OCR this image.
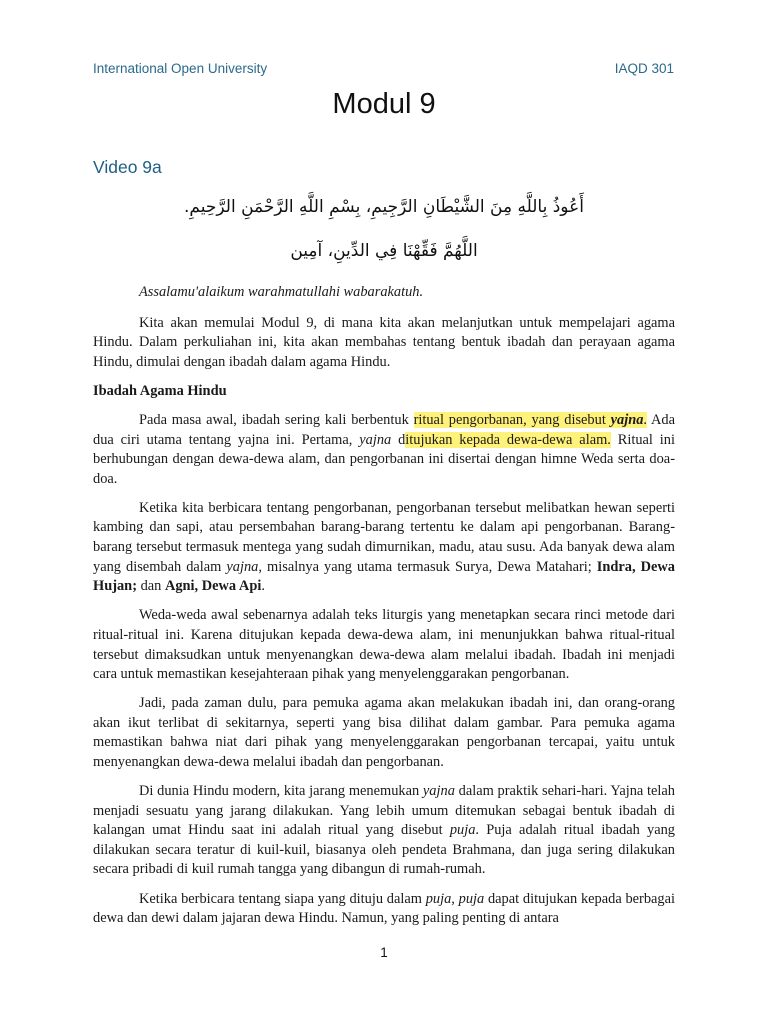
International Open University	IAQD 301
Modul 9
Video 9a
أَعُوذُ بِاللَّهِ مِنَ الشَّيْطَانِ الرَّجِيمِ، بِسْمِ اللَّهِ الرَّحْمَنِ الرَّحِيمِ.
اللَّهُمَّ فَقِّهْنَا فِي الدِّينِ، آمِين

Assalamu'alaikum warahmatullahi wabarakatuh.

Kita akan memulai Modul 9, di mana kita akan melanjutkan untuk mempelajari agama Hindu. Dalam perkuliahan ini, kita akan membahas tentang bentuk ibadah dan perayaan agama Hindu, dimulai dengan ibadah dalam agama Hindu.

Ibadah Agama Hindu

Pada masa awal, ibadah sering kali berbentuk ritual pengorbanan, yang disebut yajna. Ada dua ciri utama tentang yajna ini. Pertama, yajna ditujukan kepada dewa-dewa alam. Ritual ini berhubungan dengan dewa-dewa alam, dan pengorbanan ini disertai dengan himne Weda serta doa-doa.

Ketika kita berbicara tentang pengorbanan, pengorbanan tersebut melibatkan hewan seperti kambing dan sapi, atau persembahan barang-barang tertentu ke dalam api pengorbanan. Barang-barang tersebut termasuk mentega yang sudah dimurnikan, madu, atau susu. Ada banyak dewa alam yang disembah dalam yajna, misalnya yang utama termasuk Surya, Dewa Matahari; Indra, Dewa Hujan; dan Agni, Dewa Api.

Weda-weda awal sebenarnya adalah teks liturgis yang menetapkan secara rinci metode dari ritual-ritual ini. Karena ditujukan kepada dewa-dewa alam, ini menunjukkan bahwa ritual-ritual tersebut dimaksudkan untuk menyenangkan dewa-dewa alam melalui ibadah. Ibadah ini menjadi cara untuk memastikan kesejahteraan pihak yang menyelenggarakan pengorbanan.

Jadi, pada zaman dulu, para pemuka agama akan melakukan ibadah ini, dan orang-orang akan ikut terlibat di sekitarnya, seperti yang bisa dilihat dalam gambar. Para pemuka agama memastikan bahwa niat dari pihak yang menyelenggarakan pengorbanan tercapai, yaitu untuk menyenangkan dewa-dewa melalui ibadah dan pengorbanan.

Di dunia Hindu modern, kita jarang menemukan yajna dalam praktik sehari-hari. Yajna telah menjadi sesuatu yang jarang dilakukan. Yang lebih umum ditemukan sebagai bentuk ibadah di kalangan umat Hindu saat ini adalah ritual yang disebut puja. Puja adalah ritual ibadah yang dilakukan secara teratur di kuil-kuil, biasanya oleh pendeta Brahmana, dan juga sering dilakukan secara pribadi di kuil rumah tangga yang dibangun di rumah-rumah.

Ketika berbicara tentang siapa yang dituju dalam puja, puja dapat ditujukan kepada berbagai dewa dan dewi dalam jajaran dewa Hindu. Namun, yang paling penting di antara

1
